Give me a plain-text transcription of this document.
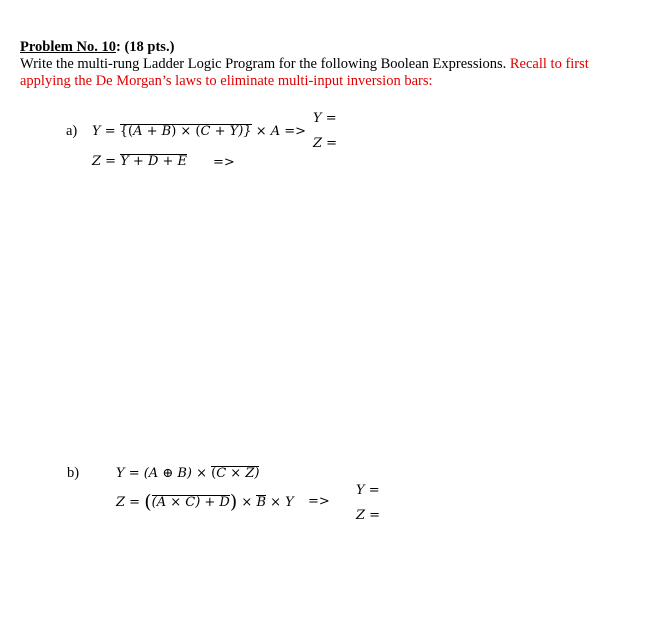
Problem No. 10: (18 pts.)
Write the multi-rung Ladder Logic Program for the following Boolean Expressions. Recall to first
applying the De Morgan’s laws to eliminate multi-input inversion bars:
a) Y = {(A + B) × (C + Y)} × A =>
Y =
Z =
Z = Y + D + E =>
b)	Y = (A ⊕ B) × (C × Z)
Y =
Z = ((A × C) + D) × B × Y =>
Z =
